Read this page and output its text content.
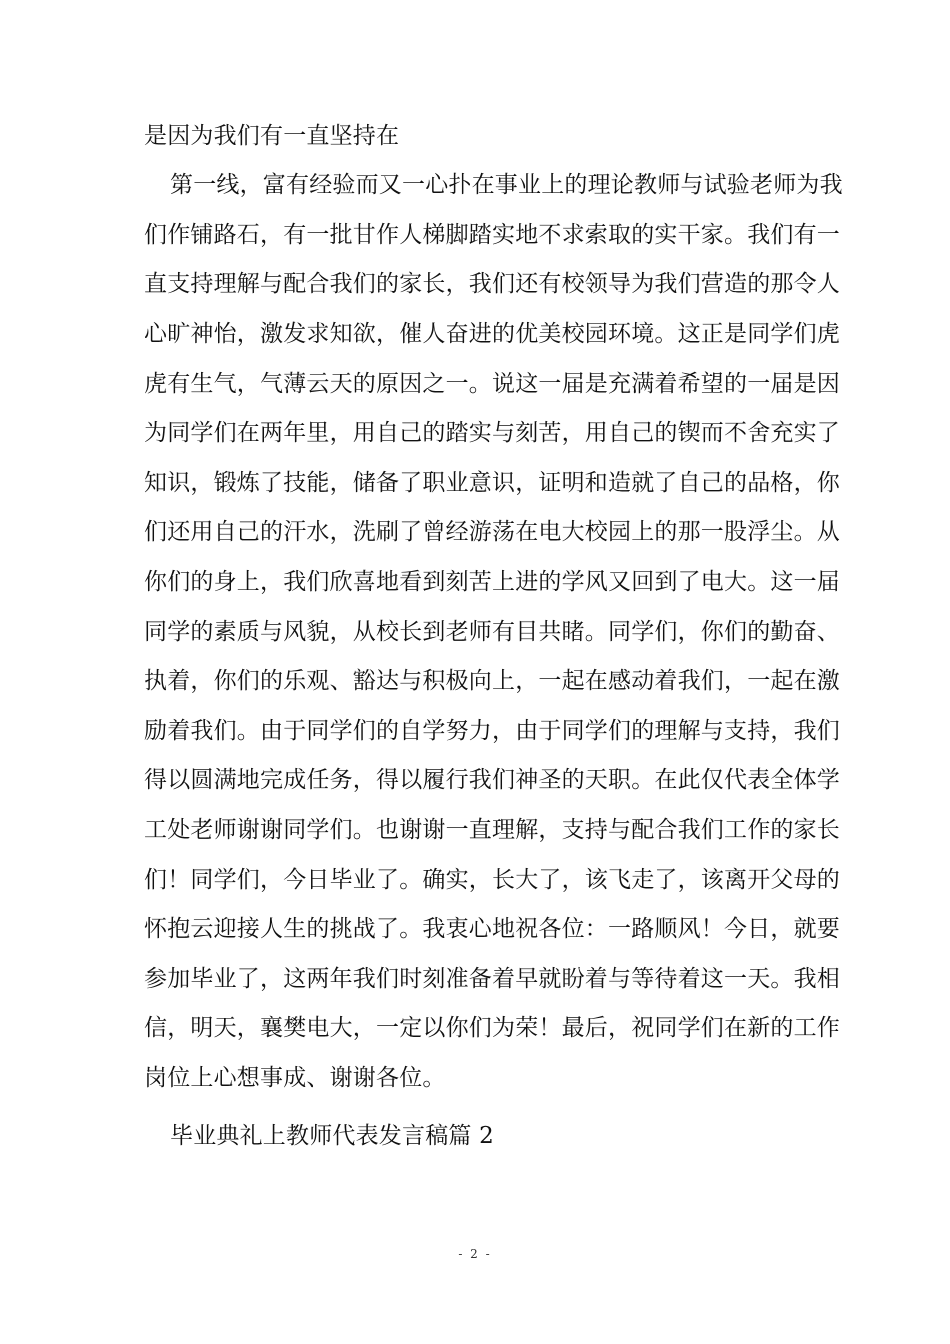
是因为我们有一直坚持在
第一线，富有经验而又一心扑在事业上的理论教师与试验老师为我
们作铺路石，有一批甘作人梯脚踏实地不求索取的实干家。我们有一
直支持理解与配合我们的家长，我们还有校领导为我们营造的那令人
心旷神怡，激发求知欲，催人奋进的优美校园环境。这正是同学们虎
虎有生气，气薄云天的原因之一。说这一届是充满着希望的一届是因
为同学们在两年里，用自己的踏实与刻苦，用自己的锲而不舍充实了
知识，锻炼了技能，储备了职业意识，证明和造就了自己的品格，你
们还用自己的汗水，洗刷了曾经游荡在电大校园上的那一股浮尘。从
你们的身上，我们欣喜地看到刻苦上进的学风又回到了电大。这一届
同学的素质与风貌，从校长到老师有目共睹。同学们，你们的勤奋、
执着，你们的乐观、豁达与积极向上，一起在感动着我们，一起在激
励着我们。由于同学们的自学努力，由于同学们的理解与支持，我们
得以圆满地完成任务，得以履行我们神圣的天职。在此仅代表全体学
工处老师谢谢同学们。也谢谢一直理解，支持与配合我们工作的家长
们！同学们，今日毕业了。确实，长大了，该飞走了，该离开父母的
怀抱云迎接人生的挑战了。我衷心地祝各位：一路顺风！今日，就要
参加毕业了，这两年我们时刻准备着早就盼着与等待着这一天。我相
信，明天，襄樊电大，一定以你们为荣！最后，祝同学们在新的工作
岗位上心想事成、谢谢各位。
毕业典礼上教师代表发言稿篇 2
- 2 -
